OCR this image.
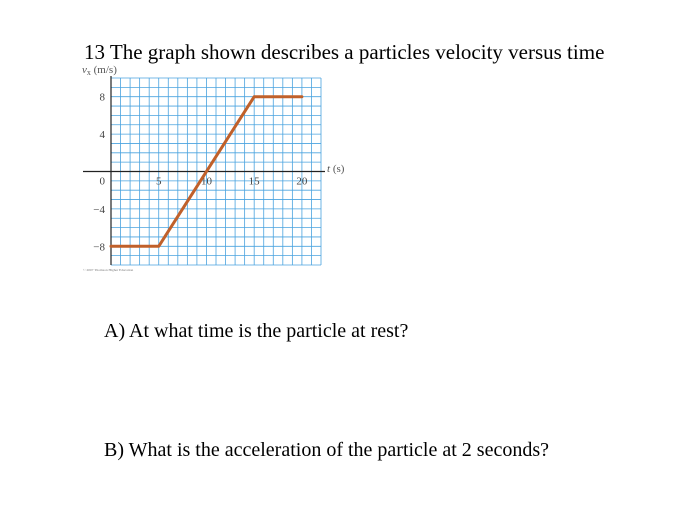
13 The graph shown describes a particles velocity versus time
5	10	15	20
8
4
0
−4
−8
vx (m/s)
t (s)
© 2007 Thomson Higher Education
A) At what time is the particle at rest?
B) What is the acceleration of the particle at 2 seconds?
